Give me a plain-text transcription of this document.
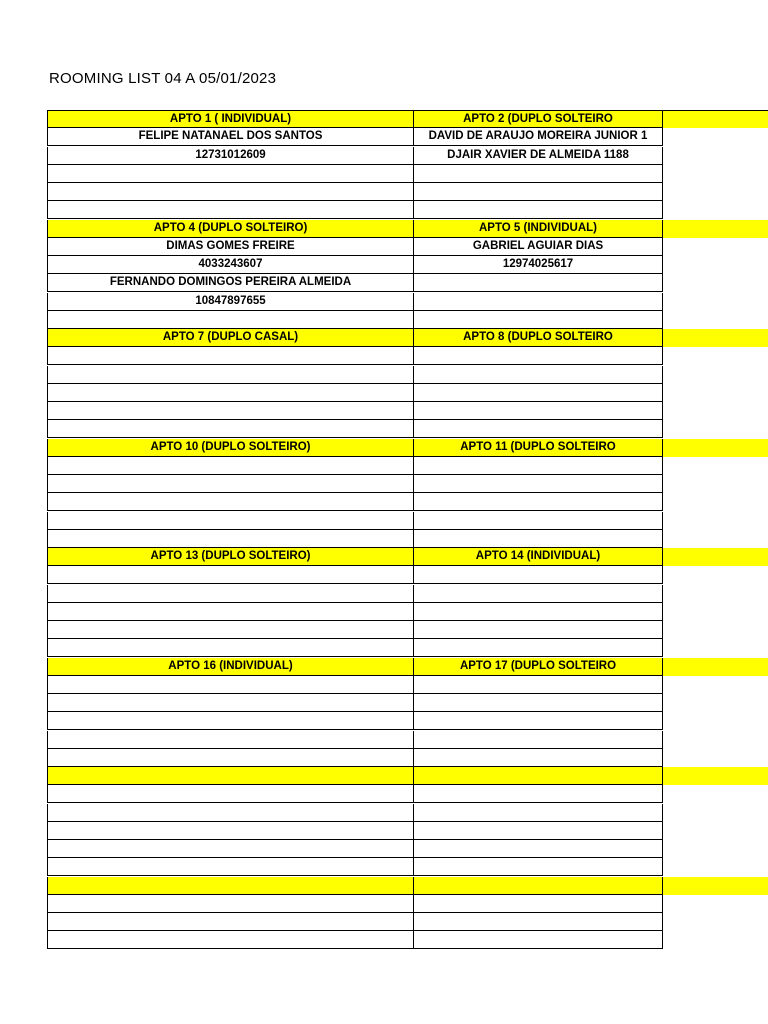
ROOMING LIST 04 A 05/01/2023
APTO 1 ( INDIVIDUAL)	APTO 2 (DUPLO SOLTEIRO
FELIPE NATANAEL DOS SANTOS	DAVID DE ARAUJO MOREIRA JUNIOR 1
12731012609	DJAIR XAVIER DE ALMEIDA 1188
APTO 4 (DUPLO SOLTEIRO)	APTO 5 (INDIVIDUAL)
DIMAS GOMES FREIRE	GABRIEL AGUIAR DIAS
4033243607	12974025617
FERNANDO DOMINGOS PEREIRA ALMEIDA
10847897655
APTO 7 (DUPLO CASAL)	APTO 8 (DUPLO SOLTEIRO
APTO 10 (DUPLO SOLTEIRO)	APTO 11 (DUPLO SOLTEIRO
APTO 13 (DUPLO SOLTEIRO)	APTO 14 (INDIVIDUAL)
APTO 16 (INDIVIDUAL)	APTO 17 (DUPLO SOLTEIRO
